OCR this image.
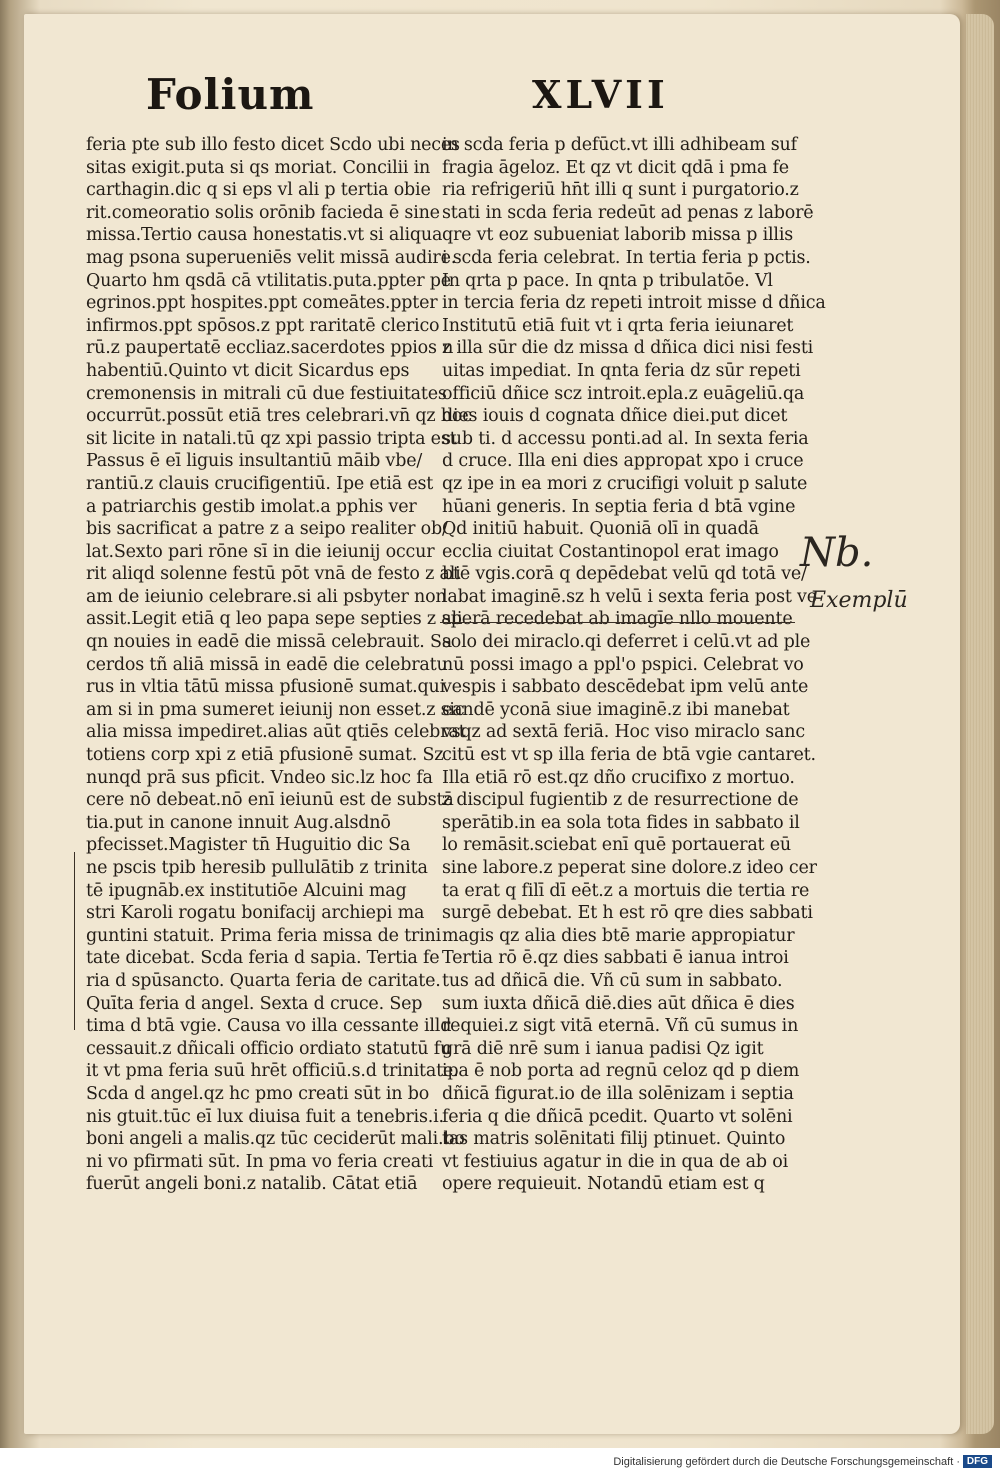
Folium	XLVII
feria pte sub illo festo dicet Scdo ubi neces
sitas exigit.puta si qs moriat. Concilii in
carthagin.dic q si eps vl ali p tertia obie
rit.comeoratio solis orōnib facieda ē sine
missa.Tertio causa honestatis.vt si aliqua
mag psona superueniēs velit missā audire.
Quarto hm qsdā cā vtilitatis.puta.ppter pe
egrinos.ppt hospites.ppt comeātes.ppter
infirmos.ppt spōsos.z ppt raritatē clerico
rū.z paupertatē eccliaz.sacerdotes ppios n
habentiū.Quinto vt dicit Sicardus eps
cremonensis in mitrali cū due festiuitates
occurrūt.possūt etiā tres celebrari.vn̄ qz hoc
sit licite in natali.tū qz xpi passio tripta est
Passus ē eī liguis insultantiū māib vbe/
rantiū.z clauis crucifigentiū. Ipe etiā est
a patriarchis gestib imolat.a pphis ver
bis sacrificat a patre z a seipo realiter ob/
lat.Sexto pari rōne sī in die ieiunij occur
rit aliqd solenne festū pōt vnā de festo z ali
am de ieiunio celebrare.si ali psbyter non
assit.Legit etiā q leo papa sepe septies z ali
qn nouies in eadē die missā celebrauit. Sa
cerdos tñ aliā missā in eadē die celebratu
rus in vltia tātū missa pfusionē sumat.qui
am si in pma sumeret ieiunij non esset.z sic
alia missa impediret.alias aūt qtiēs celebrat
totiens corp xpi z etiā pfusionē sumat. Sz
nunqd prā sus pficit. Vndeo sic.lz hoc fa
cere nō debeat.nō enī ieiunū est de substā
tia.put in canone innuit Aug.alsdnō
pfecisset.Magister tn̄ Huguitio dic Sa
ne pscis tpib heresib pullulātib z trinita
tē ipugnāb.ex institutiōe Alcuini mag
stri Karoli rogatu bonifacij archiepi ma
guntini statuit. Prima feria missa de trini
tate dicebat. Scda feria d sapia. Tertia fe
ria d spūsancto. Quarta feria de caritate.
Quīta feria d angel. Sexta d cruce. Sep
tima d btā vgie. Causa vo illa cessante illd
cessauit.z dñicali officio ordiato statutū fu
it vt pma feria suū hrēt officiū.s.d trinitate.
Scda d angel.qz hc pmo creati sūt in bo
nis gtuit.tūc eī lux diuisa fuit a tenebris.i.
boni angeli a malis.qz tūc ceciderūt mali.bo
ni vo pfirmati sūt. In pma vo feria creati
fuerūt angeli boni.z natalib. Cātat etiā
in scda feria p defūct.vt illi adhibeam suf
fragia āgeloz. Et qz vt dicit qdā i pma fe
ria refrigeriū hn̄t illi q sunt i purgatorio.z
stati in scda feria redeūt ad penas z laborē
qre vt eoz subueniat laborib missa p illis
i scda feria celebrat. In tertia feria p pctis.
In qrta p pace. In qnta p tribulatōe. Vl
in tercia feria dz repeti introit misse d dñica
Institutū etiā fuit vt i qrta feria ieiunaret
z illa sūr die dz missa d dñica dici nisi festi
uitas impediat. In qnta feria dz sūr repeti
officiū dñice scz introit.epla.z euāgeliū.qa
dies iouis d cognata dñice diei.put dicet
sub ti. d accessu ponti.ad al. In sexta feria
d cruce. Illa eni dies appropat xpo i cruce
qz ipe in ea mori z crucifigi voluit p salute
hūani generis. In septia feria d btā vgine
Qd initiū habuit. Quoniā olī in quadā
ecclia ciuitat Costantinopol erat imago
btē vgis.corā q depēdebat velū qd totā ve/
labat imaginē.sz h velū i sexta feria post ve
sperā recedebat ab imagīe nllo mouente
solo dei miraclo.qi deferret i celū.vt ad ple
nū possi imago a ppl'o pspici. Celebrat vo
vespis i sabbato descēdebat ipm velū ante
eandē yconā siue imaginē.z ibi manebat
vsqz ad sextā feriā. Hoc viso miraclo sanc
citū est vt sp illa feria de btā vgie cantaret.
Illa etiā rō est.qz dño crucifixo z mortuo.
z discipul fugientib z de resurrectione de
sperātib.in ea sola tota fides in sabbato il
lo remāsit.sciebat enī quē portauerat eū
sine labore.z peperat sine dolore.z ideo cer
ta erat q filī dī eēt.z a mortuis die tertia re
surgē debebat. Et h est rō qre dies sabbati
magis qz alia dies btē marie appropiatur
Tertia rō ē.qz dies sabbati ē ianua introi
tus ad dñicā die. Vñ cū sum in sabbato.
sum iuxta dñicā diē.dies aūt dñica ē dies
requiei.z sigt vitā eternā. Vñ cū sumus in
grā diē nrē sum i ianua padisi Qz igit
ipa ē nob porta ad regnū celoz qd p diem
dñicā figurat.io de illa solēnizam i septia
feria q die dñicā pcedit. Quarto vt solēni
tas matris solēnitati filij ptinuet. Quinto
vt festiuius agatur in die in qua de ab oi
opere requieuit. Notandū etiam est q
Nb.
Exemplū
Digitalisierung gefördert durch die Deutsche Forschungsgemeinschaft · DFG
